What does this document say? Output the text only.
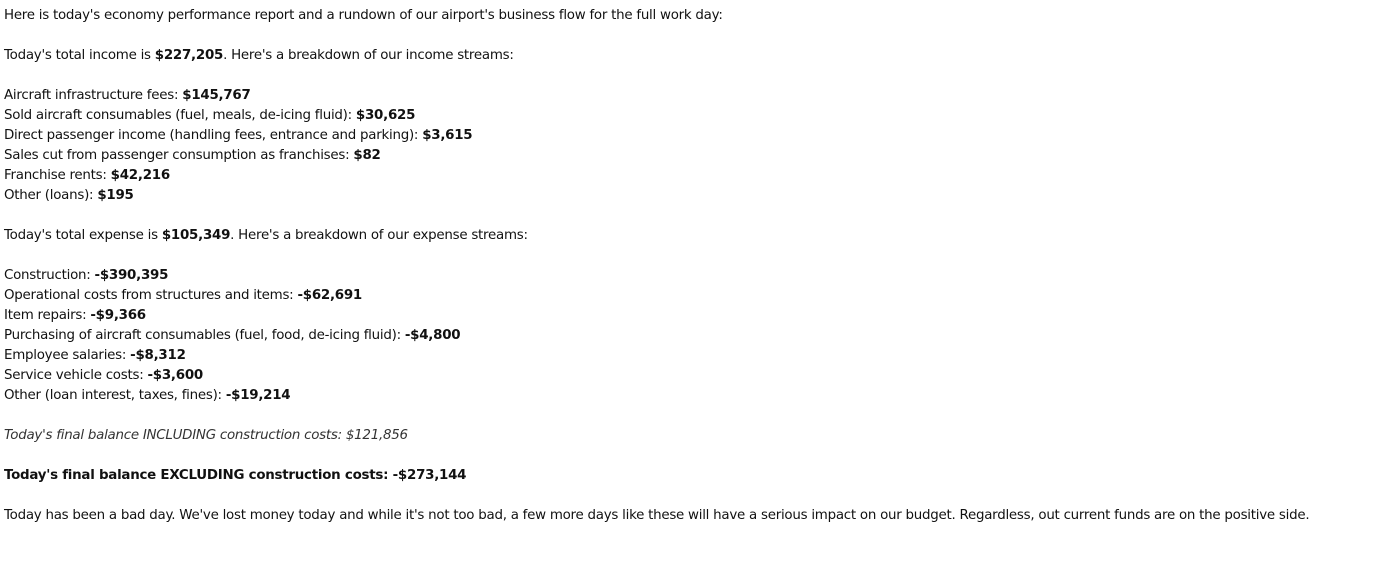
Here is today's economy performance report and a rundown of our airport's business flow for the full work day:
Today's total income is $227,205. Here's a breakdown of our income streams:
Aircraft infrastructure fees: $145,767
Sold aircraft consumables (fuel, meals, de-icing fluid): $30,625
Direct passenger income (handling fees, entrance and parking): $3,615
Sales cut from passenger consumption as franchises: $82
Franchise rents: $42,216
Other (loans): $195
Today's total expense is $105,349. Here's a breakdown of our expense streams:
Construction: -$390,395
Operational costs from structures and items: -$62,691
Item repairs: -$9,366
Purchasing of aircraft consumables (fuel, food, de-icing fluid): -$4,800
Employee salaries: -$8,312
Service vehicle costs: -$3,600
Other (loan interest, taxes, fines): -$19,214
Today's final balance INCLUDING construction costs: $121,856
Today's final balance EXCLUDING construction costs: -$273,144
Today has been a bad day. We've lost money today and while it's not too bad, a few more days like these will have a serious impact on our budget. Regardless, out current funds are on the positive side.
